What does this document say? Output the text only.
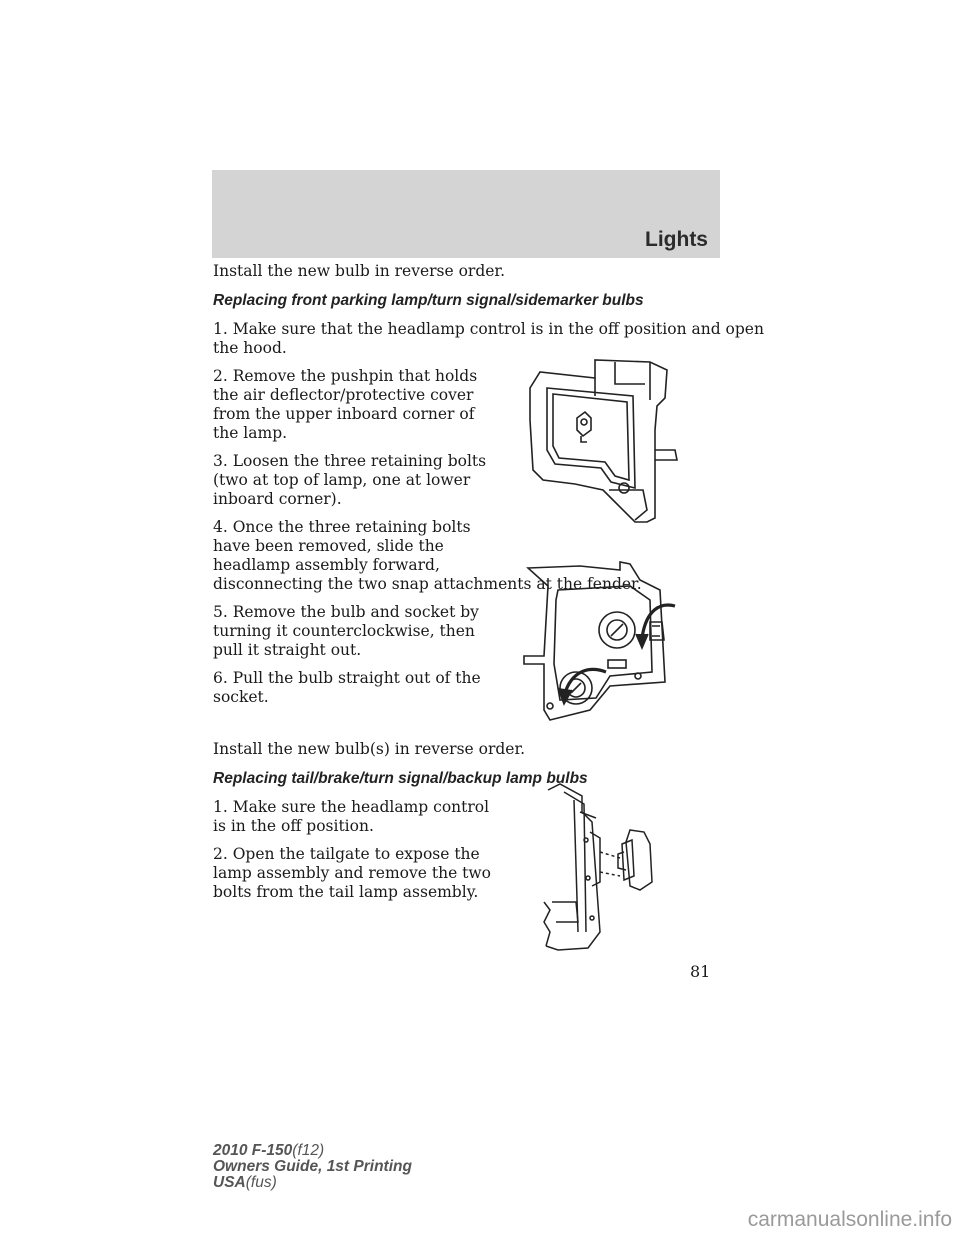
Lights

Install the new bulb in reverse order.

Replacing front parking lamp/turn signal/sidemarker bulbs

1. Make sure that the headlamp control is in the off position and open

the hood.

2. Remove the pushpin that holds

the air deflector/protective cover

from the upper inboard corner of

the lamp.

3. Loosen the three retaining bolts

(two at top of lamp, one at lower

inboard corner).

4. Once the three retaining bolts

have been removed, slide the

headlamp assembly forward,

disconnecting the two snap attachments at the fender.

5. Remove the bulb and socket by

turning it counterclockwise, then

pull it straight out.

6. Pull the bulb straight out of the

socket.

Install the new bulb(s) in reverse order.

Replacing tail/brake/turn signal/backup lamp bulbs

1. Make sure the headlamp control

is in the off position.

2. Open the tailgate to expose the

lamp assembly and remove the two

bolts from the tail lamp assembly.

81
2010 F-150(f12)
Owners Guide, 1st Printing
USA(fus)
carmanualsonline.info
